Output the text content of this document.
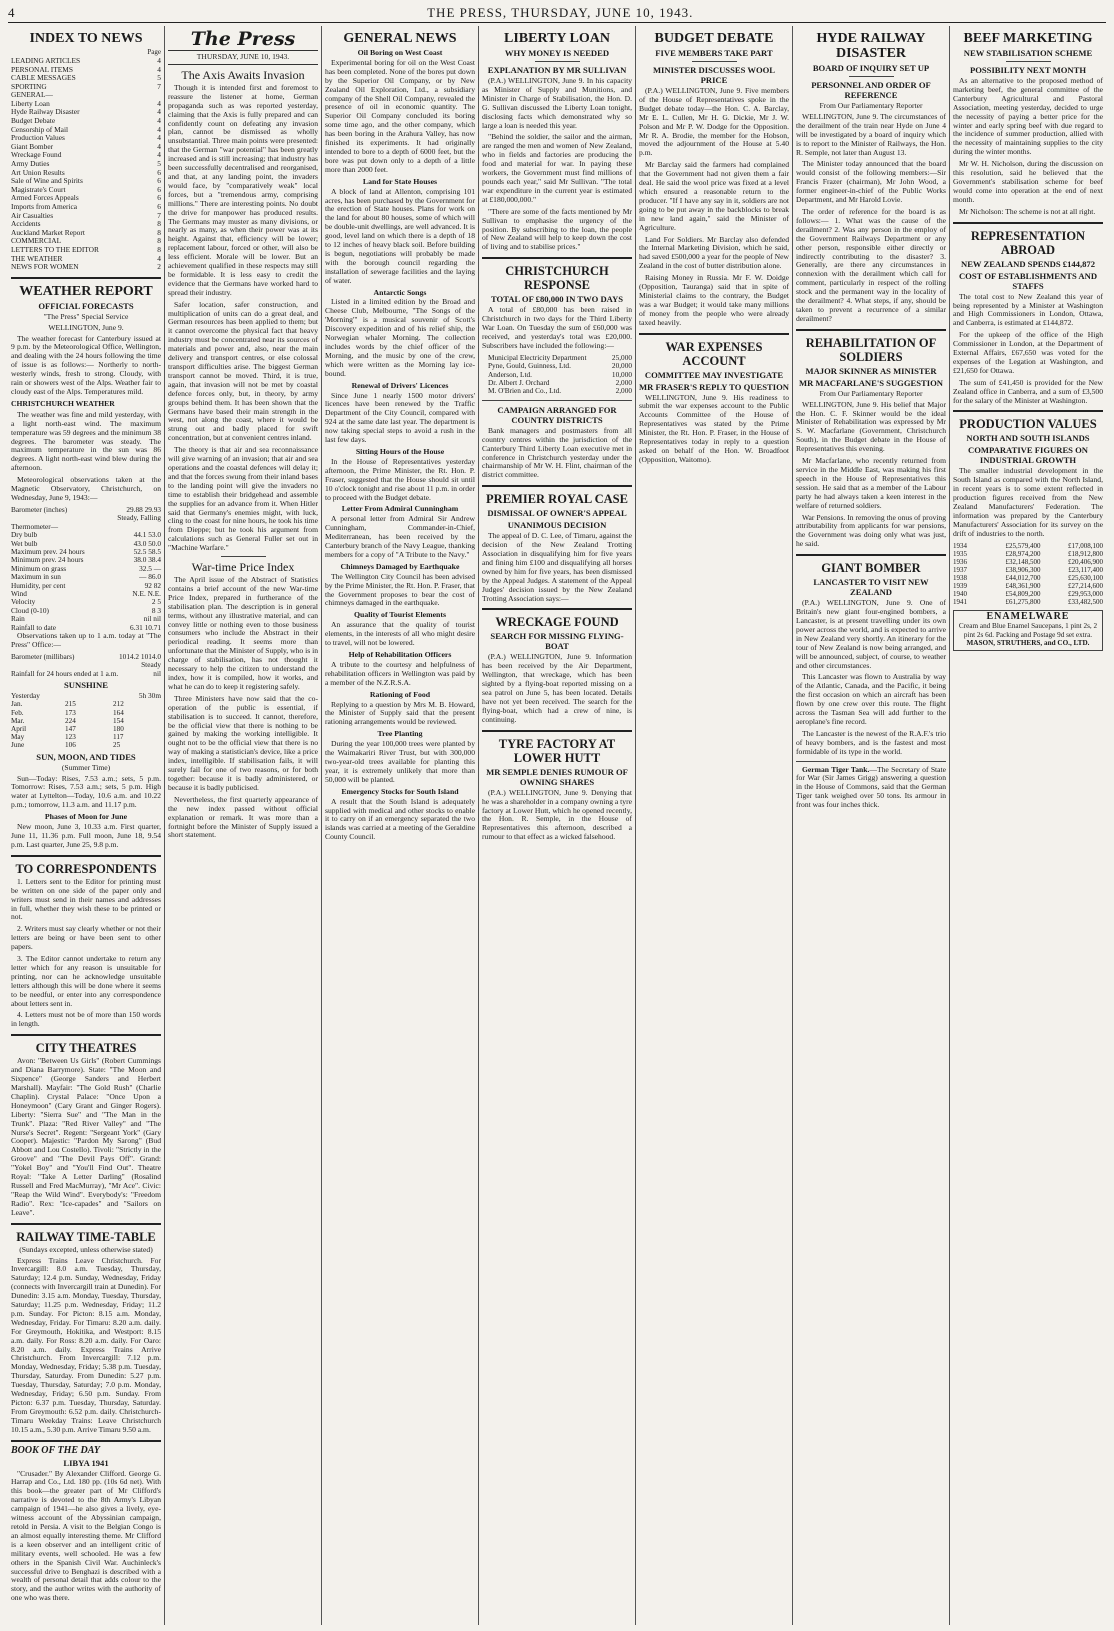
4	THE PRESS, THURSDAY, JUNE 10, 1943.
INDEX TO NEWS
Page
LEADING ARTICLES	4
PERSONAL ITEMS	4
CABLE MESSAGES	5
SPORTING	7
GENERAL—
Liberty Loan	4
Hyde Railway Disaster	4
Budget Debate	4
Censorship of Mail	4
Production Values	4
Giant Bomber	4
Wreckage Found	4
Army Duties	5
Art Union Results	6
Sale of Wine and Spirits	6
Magistrate's Court	6
Armed Forces Appeals	6
Imports from America	6
Air Casualties	7
Accidents	8
Auckland Market Report	8
COMMERCIAL	8
LETTERS TO THE EDITOR	8
THE WEATHER	4
NEWS FOR WOMEN	2
WEATHER REPORT
OFFICIAL FORECASTS
"The Press" Special Service
WELLINGTON, June 9.

The weather forecast for Canterbury issued at 9 p.m. by the Meteorological Office, Wellington, and dealing with the 24 hours following the time of issue is as follows:— Northerly to north-westerly winds, fresh to strong. Cloudy, with rain or showers west of the Alps. Weather fair to cloudy east of the Alps. Temperatures mild.

CHRISTCHURCH WEATHER

The weather was fine and mild yesterday, with a light north-east wind. The maximum temperature was 59 degrees and the minimum 38 degrees. The barometer was steady. The maximum temperature in the sun was 86 degrees. A light north-east wind blew during the afternoon.

Meteorological observations taken at the Magnetic Observatory, Christchurch, on Wednesday, June 9, 1943:—

Barometer (inches)	29.88 29.93
Steady, Falling
Thermometer—
Dry bulb	44.1 53.0
Wet bulb	43.0 50.0
Maximum prev. 24 hours	52.5 58.5
Minimum prev. 24 hours	38.0 38.4
Minimum on grass	32.5 —
Maximum in sun	— 86.0
Humidity, per cent	92 82
Wind	N.E. N.E.
Velocity	2 5
Cloud (0-10)	8 3
Rain	nil nil
Rainfall to date	6.31 10.71

Observations taken up to 1 a.m. today at "The Press" Office:—

Barometer (millibars)	1014.2 1014.0
Steady
Rainfall for 24 hours ended at 1 a.m.	nil
SUNSHINE
Yesterday	5h 30m
Jan.	215	212
Feb.	173	164
Mar.	224	154
April	147	180
May	123	117
June	106	25
SUN, MOON, AND TIDES
(Summer Time)

Sun—Today: Rises, 7.53 a.m.; sets, 5 p.m. Tomorrow: Rises, 7.53 a.m.; sets, 5 p.m. High water at Lyttelton—Today, 10.6 a.m. and 10.22 p.m.; tomorrow, 11.3 a.m. and 11.17 p.m.

Phases of Moon for June

New moon, June 3, 10.33 a.m. First quarter, June 11, 11.36 p.m. Full moon, June 18, 9.54 p.m. Last quarter, June 25, 9.8 p.m.

TO CORRESPONDENTS

1. Letters sent to the Editor for printing must be written on one side of the paper only and writers must send in their names and addresses in full, whether they wish these to be printed or not.

2. Writers must say clearly whether or not their letters are being or have been sent to other papers.

3. The Editor cannot undertake to return any letter which for any reason is unsuitable for printing, nor can he acknowledge unsuitable letters although this will be done where it seems to be needful, or enter into any correspondence about letters sent in.

4. Letters must not be of more than 150 words in length.

CITY THEATRES

Avon: "Between Us Girls" (Robert Cummings and Diana Barrymore). State: "The Moon and Sixpence" (George Sanders and Herbert Marshall). Mayfair: "The Gold Rush" (Charlie Chaplin). Crystal Palace: "Once Upon a Honeymoon" (Cary Grant and Ginger Rogers). Liberty: "Sierra Sue" and "The Man in the Trunk". Plaza: "Red River Valley" and "The Nurse's Secret". Regent: "Sergeant York" (Gary Cooper). Majestic: "Pardon My Sarong" (Bud Abbott and Lou Costello). Tivoli: "Strictly in the Groove" and "The Devil Pays Off". Grand: "Yokel Boy" and "You'll Find Out". Theatre Royal: "Take A Letter Darling" (Rosalind Russell and Fred MacMurray), "Mr Ace". Civic: "Reap the Wild Wind". Everybody's: "Freedom Radio". Rex: "Ice-capades" and "Sailors on Leave".

RAILWAY TIME-TABLE
(Sundays excepted, unless otherwise stated)

Express Trains Leave Christchurch. For Invercargill: 8.0 a.m. Tuesday, Thursday, Saturday; 12.4 p.m. Sunday, Wednesday, Friday (connects with Invercargill train at Dunedin). For Dunedin: 3.15 a.m. Monday, Tuesday, Thursday, Saturday; 11.25 p.m. Wednesday, Friday; 11.2 p.m. Sunday. For Picton: 8.15 a.m. Monday, Wednesday, Friday. For Timaru: 8.20 a.m. daily. For Greymouth, Hokitika, and Westport: 8.15 a.m. daily. For Ross: 8.20 a.m. daily. For Oaro: 8.20 a.m. daily. Express Trains Arrive Christchurch. From Invercargill: 7.12 p.m. Monday, Wednesday, Friday; 5.38 p.m. Tuesday, Thursday, Saturday. From Dunedin: 5.27 p.m. Tuesday, Thursday, Saturday; 7.0 p.m. Monday, Wednesday, Friday; 6.50 p.m. Sunday. From Picton: 6.37 p.m. Tuesday, Thursday, Saturday. From Greymouth: 6.52 p.m. daily. Christchurch-Timaru Weekday Trains: Leave Christchurch 10.15 a.m., 5.30 p.m. Arrive Timaru 9.50 a.m.

BOOK OF THE DAY
LIBYA 1941

"Crusader." By Alexander Clifford. George G. Harrap and Co., Ltd. 180 pp. (10s 6d net). With this book—the greater part of Mr Clifford's narrative is devoted to the 8th Army's Libyan campaign of 1941—he also gives a lively, eye-witness account of the Abyssinian campaign, retold in Persia. A visit to the Belgian Congo is an almost equally interesting theme. Mr Clifford is a keen observer and an intelligent critic of military events, well schooled. He was a few others in the Spanish Civil War. Auchinleck's successful drive to Benghazi is described with a wealth of personal detail that adds colour to the story, and the author writes with the authority of one who was there.

The Press
THURSDAY, JUNE 10, 1943.
The Axis Awaits Invasion

Though it is intended first and foremost to reassure the listener at home, German propaganda such as was reported yesterday, claiming that the Axis is fully prepared and can confidently count on defeating any invasion plan, cannot be dismissed as wholly unsubstantial. Three main points were presented: that the German "war potential" has been greatly increased and is still increasing; that industry has been successfully decentralised and reorganised, and that, at any landing point, the invaders would face, by "comparatively weak" local forces, but a "tremendous army, comprising millions." There are interesting points. No doubt the drive for manpower has produced results. The Germans may muster as many divisions, or nearly as many, as when their power was at its height. Against that, efficiency will be lower; replacement labour, forced or other, will also be less efficient. Morale will be lower. But an achievement qualified in these respects may still be formidable. It is less easy to credit the evidence that the Germans have worked hard to spread their industry.

Safer location, safer construction, and multiplication of units can do a great deal, and German resources has been applied to them; but it cannot overcome the physical fact that heavy industry must be concentrated near its sources of materials and power and, also, near the main delivery and transport centres, or else colossal transport difficulties arise. The biggest German transport cannot be moved. Third, it is true, again, that invasion will not be met by coastal defence forces only, but, in theory, by army groups behind them. It has been shown that the Germans have based their main strength in the west, not along the coast, where it would be strung out and badly placed for swift concentration, but at convenient centres inland.

The theory is that air and sea reconnaissance will give warning of an invasion; that air and sea operations and the coastal defences will delay it; and that the forces swung from their inland bases to the landing point will give the invaders no time to establish their bridgehead and assemble the supplies for an advance from it. When Hitler said that Germany's enemies might, with luck, cling to the coast for nine hours, he took his time from Dieppe; but he took his argument from calculations such as General Fuller set out in "Machine Warfare."

War-time Price Index

The April issue of the Abstract of Statistics contains a brief account of the new War-time Price Index, prepared in furtherance of the stabilisation plan. The description is in general terms, without any illustrative material, and can convey little or nothing even to those business consumers who include the Abstract in their periodical reading. It seems more than unfortunate that the Minister of Supply, who is in charge of stabilisation, has not thought it necessary to help the citizen to understand the index, how it is compiled, how it works, and what he can do to keep it registering safely.

Three Ministers have now said that the co-operation of the public is essential, if stabilisation is to succeed. It cannot, therefore, be the official view that there is nothing to be gained by making the working intelligible. It ought not to be the official view that there is no way of making a statistician's device, like a price index, intelligible. If stabilisation fails, it will surely fail for one of two reasons, or for both together: because it is badly administered, or because it is badly publicised.

Nevertheless, the first quarterly appearance of the new index passed without official explanation or remark. It was more than a fortnight before the Minister of Supply issued a short statement.

GENERAL NEWS
Oil Boring on West Coast

Experimental boring for oil on the West Coast has been completed. None of the bores put down by the Superior Oil Company, or by New Zealand Oil Exploration, Ltd., a subsidiary company of the Shell Oil Company, revealed the presence of oil in economic quantity. The Superior Oil Company concluded its boring some time ago, and the other company, which has been boring in the Arahura Valley, has now finished its experiments. It had originally intended to bore to a depth of 6000 feet, but the bore was put down only to a depth of a little more than 2000 feet.

Land for State Houses

A block of land at Allenton, comprising 101 acres, has been purchased by the Government for the erection of State houses. Plans for work on the land for about 80 houses, some of which will be double-unit dwellings, are well advanced. It is good, level land on which there is a depth of 18 to 12 inches of heavy black soil. Before building is begun, negotiations will probably be made with the borough council regarding the installation of sewerage facilities and the laying of water.

Antarctic Songs

Listed in a limited edition by the Broad and Cheese Club, Melbourne, "The Songs of the 'Morning'" is a musical souvenir of Scott's Discovery expedition and of his relief ship, the Norwegian whaler Morning. The collection includes words by the chief officer of the Morning, and the music by one of the crew, which were written as the Morning lay ice-bound.

Renewal of Drivers' Licences

Since June 1 nearly 1500 motor drivers' licences have been renewed by the Traffic Department of the City Council, compared with 924 at the same date last year. The department is now taking special steps to avoid a rush in the last few days.

Sitting Hours of the House

In the House of Representatives yesterday afternoon, the Prime Minister, the Rt. Hon. P. Fraser, suggested that the House should sit until 10 o'clock tonight and rise about 11 p.m. in order to proceed with the Budget debate.

Letter From Admiral Cunningham

A personal letter from Admiral Sir Andrew Cunningham, Commander-in-Chief, Mediterranean, has been received by the Canterbury branch of the Navy League, thanking members for a copy of "A Tribute to the Navy."

Chimneys Damaged by Earthquake

The Wellington City Council has been advised by the Prime Minister, the Rt. Hon. P. Fraser, that the Government proposes to bear the cost of chimneys damaged in the earthquake.

Quality of Tourist Elements

An assurance that the quality of tourist elements, in the interests of all who might desire to travel, will not be lowered.

Help of Rehabilitation Officers

A tribute to the courtesy and helpfulness of rehabilitation officers in Wellington was paid by a member of the N.Z.R.S.A.

Rationing of Food

Replying to a question by Mrs M. B. Howard, the Minister of Supply said that the present rationing arrangements would be reviewed.

Tree Planting

During the year 100,000 trees were planted by the Waimakariri River Trust, but with 300,000 two-year-old trees available for planting this year, it is extremely unlikely that more than 50,000 will be planted.

Emergency Stocks for South Island

A result that the South Island is adequately supplied with medical and other stocks to enable it to carry on if an emergency separated the two islands was carried at a meeting of the Geraldine County Council.

LIBERTY LOAN
WHY MONEY IS NEEDED
EXPLANATION BY MR SULLIVAN

(P.A.) WELLINGTON, June 9. In his capacity as Minister of Supply and Munitions, and Minister in Charge of Stabilisation, the Hon. D. G. Sullivan discussed the Liberty Loan tonight, disclosing facts which demonstrated why so large a loan is needed this year.

"Behind the soldier, the sailor and the airman, are ranged the men and women of New Zealand, who in fields and factories are producing the food and material for war. In paying these workers, the Government must find millions of pounds each year," said Mr Sullivan. "The total war expenditure in the current year is estimated at £180,000,000."

"There are some of the facts mentioned by Mr Sullivan to emphasise the urgency of the position. By subscribing to the loan, the people of New Zealand will help to keep down the cost of living and to stabilise prices."

CHRISTCHURCH RESPONSE
TOTAL OF £80,000 IN TWO DAYS

A total of £80,000 has been raised in Christchurch in two days for the Third Liberty War Loan. On Tuesday the sum of £60,000 was received, and yesterday's total was £20,000. Subscribers have included the following:—

Municipal Electricity Department	25,000
Pyne, Gould, Guinness, Ltd.	20,000
Anderson, Ltd.	10,000
Dr. Albert J. Orchard	2,000
M. O'Brien and Co., Ltd.	2,000
CAMPAIGN ARRANGED FOR COUNTRY DISTRICTS

Bank managers and postmasters from all country centres within the jurisdiction of the Canterbury Third Liberty Loan executive met in conference in Christchurch yesterday under the chairmanship of Mr W. H. Flint, chairman of the district committee.

PREMIER ROYAL CASE
DISMISSAL OF OWNER'S APPEAL
UNANIMOUS DECISION

The appeal of D. C. Lee, of Timaru, against the decision of the New Zealand Trotting Association in disqualifying him for five years and fining him £100 and disqualifying all horses owned by him for five years, has been dismissed by the Appeal Judges. A statement of the Appeal Judges' decision issued by the New Zealand Trotting Association says:—

WRECKAGE FOUND
SEARCH FOR MISSING FLYING-BOAT

(P.A.) WELLINGTON, June 9. Information has been received by the Air Department, Wellington, that wreckage, which has been sighted by a flying-boat reported missing on a sea patrol on June 5, has been located. Details have not yet been received. The search for the flying-boat, which had a crew of nine, is continuing.

TYRE FACTORY AT LOWER HUTT
MR SEMPLE DENIES RUMOUR OF OWNING SHARES

(P.A.) WELLINGTON, June 9. Denying that he was a shareholder in a company owning a tyre factory at Lower Hutt, which he opened recently, the Hon. R. Semple, in the House of Representatives this afternoon, described a rumour to that effect as a wicked falsehood.

BUDGET DEBATE
FIVE MEMBERS TAKE PART
MINISTER DISCUSSES WOOL PRICE

(P.A.) WELLINGTON, June 9. Five members of the House of Representatives spoke in the Budget debate today—the Hon. C. A. Barclay, Mr E. L. Cullen, Mr H. G. Dickie, Mr J. W. Polson and Mr P. W. Dodge for the Opposition. Mr R. A. Brodie, the member for the Hobson, moved the adjournment of the House at 5.40 p.m.

Mr Barclay said the farmers had complained that the Government had not given them a fair deal. He said the wool price was fixed at a level which ensured a reasonable return to the producer. "If I have any say in it, soldiers are not going to be put away in the backblocks to break in new land again," said the Minister of Agriculture.

Land For Soldiers. Mr Barclay also defended the Internal Marketing Division, which he said, had saved £500,000 a year for the people of New Zealand in the cost of butter distribution alone.

Raising Money in Russia. Mr F. W. Doidge (Opposition, Tauranga) said that in spite of Ministerial claims to the contrary, the Budget was a war Budget; it would take many millions of money from the people who were already taxed heavily.

WAR EXPENSES ACCOUNT
COMMITTEE MAY INVESTIGATE
MR FRASER'S REPLY TO QUESTION

WELLINGTON, June 9. His readiness to submit the war expenses account to the Public Accounts Committee of the House of Representatives was stated by the Prime Minister, the Rt. Hon. P. Fraser, in the House of Representatives today in reply to a question asked on behalf of the Hon. W. Broadfoot (Opposition, Waitomo).

HYDE RAILWAY DISASTER
BOARD OF INQUIRY SET UP
PERSONNEL AND ORDER OF REFERENCE
From Our Parliamentary Reporter

WELLINGTON, June 9. The circumstances of the derailment of the train near Hyde on June 4 will be investigated by a board of inquiry which is to report to the Minister of Railways, the Hon. R. Semple, not later than August 13.

The Minister today announced that the board would consist of the following members:—Sir Francis Frazer (chairman), Mr John Wood, a former engineer-in-chief of the Public Works Department, and Mr Harold Lovie.

The order of reference for the board is as follows:— 1. What was the cause of the derailment? 2. Was any person in the employ of the Government Railways Department or any other person, responsible either directly or indirectly contributing to the disaster? 3. Generally, are there any circumstances in connexion with the derailment which call for comment, particularly in respect of the rolling stock and the permanent way in the locality of the derailment? 4. What steps, if any, should be taken to prevent a recurrence of a similar derailment?

REHABILITATION OF SOLDIERS
MAJOR SKINNER AS MINISTER
MR MACFARLANE'S SUGGESTION
From Our Parliamentary Reporter

WELLINGTON, June 9. His belief that Major the Hon. C. F. Skinner would be the ideal Minister of Rehabilitation was expressed by Mr S. W. Macfarlane (Government, Christchurch South), in the Budget debate in the House of Representatives this evening.

Mr Macfarlane, who recently returned from service in the Middle East, was making his first speech in the House of Representatives this session. He said that as a member of the Labour party he had always taken a keen interest in the welfare of returned soldiers.

War Pensions. In removing the onus of proving attributability from applicants for war pensions, the Government was doing only what was just, he said.

GIANT BOMBER
LANCASTER TO VISIT NEW ZEALAND

(P.A.) WELLINGTON, June 9. One of Britain's new giant four-engined bombers, a Lancaster, is at present travelling under its own power across the world, and is expected to arrive in New Zealand very shortly. An itinerary for the tour of New Zealand is now being arranged, and will be announced, subject, of course, to weather and other circumstances.

This Lancaster was flown to Australia by way of the Atlantic, Canada, and the Pacific, it being the first occasion on which an aircraft has been flown by one crew over this route. The flight across the Tasman Sea will add further to the aeroplane's fine record.

The Lancaster is the newest of the R.A.F.'s trio of heavy bombers, and is the fastest and most formidable of its type in the world.

German Tiger Tank.—The Secretary of State for War (Sir James Grigg) answering a question in the House of Commons, said that the German Tiger tank weighed over 50 tons. Its armour in front was four inches thick.

BEEF MARKETING
NEW STABILISATION SCHEME
POSSIBILITY NEXT MONTH

As an alternative to the proposed method of marketing beef, the general committee of the Canterbury Agricultural and Pastoral Association, meeting yesterday, decided to urge the necessity of paying a better price for the winter and early spring beef with due regard to the incidence of summer production, allied with the necessity of maintaining supplies to the city during the winter months.

Mr W. H. Nicholson, during the discussion on this resolution, said he believed that the Government's stabilisation scheme for beef would come into operation at the end of next month.

Mr Nicholson: The scheme is not at all right.

REPRESENTATION ABROAD
NEW ZEALAND SPENDS £144,872
COST OF ESTABLISHMENTS AND STAFFS

The total cost to New Zealand this year of being represented by a Minister at Washington and High Commissioners in London, Ottawa, and Canberra, is estimated at £144,872.

For the upkeep of the office of the High Commissioner in London, at the Department of External Affairs, £67,650 was voted for the expenses of the Legation at Washington, and £21,650 for Ottawa.

The sum of £41,450 is provided for the New Zealand office in Canberra, and a sum of £3,500 for the salary of the Minister at Washington.

PRODUCTION VALUES
NORTH AND SOUTH ISLANDS
COMPARATIVE FIGURES ON INDUSTRIAL GROWTH

The smaller industrial development in the South Island as compared with the North Island, in recent years is to some extent reflected in production figures received from the New Zealand Manufacturers' Federation. The information was prepared by the Canterbury Manufacturers' Association for its survey on the drift of industries to the north.

1934	£25,579,400	£17,008,100
1935	£28,974,200	£18,912,800
1936	£32,148,500	£20,406,900
1937	£38,906,300	£23,117,400
1938	£44,012,700	£25,630,100
1939	£48,361,900	£27,214,600
1940	£54,809,200	£29,953,000
1941	£61,275,800	£33,482,500
ENAMELWARE
Cream and Blue Enamel Saucepans, 1 pint 2s, 2 pint 2s 6d. Packing and Postage 9d set extra.
MASON, STRUTHERS, and CO., LTD.
